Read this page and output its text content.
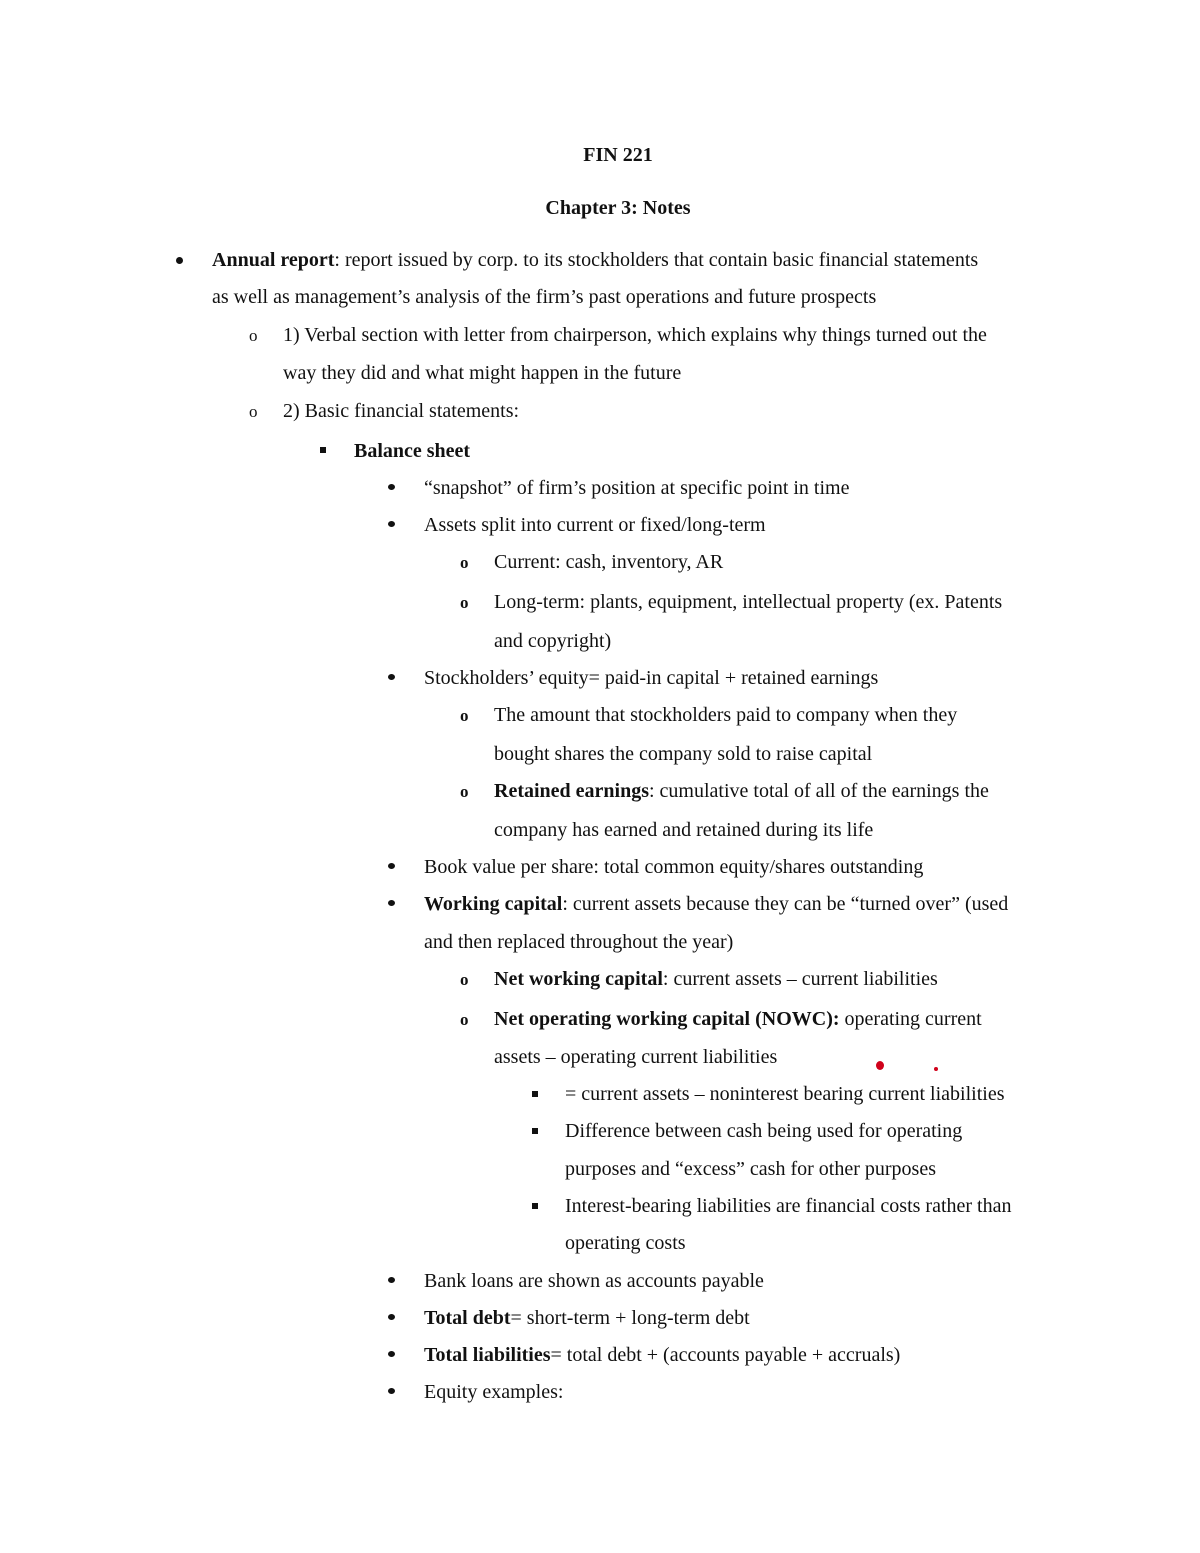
FIN 221
Chapter 3: Notes
Annual report: report issued by corp. to its stockholders that contain basic financial statements
as well as management’s analysis of the firm’s past operations and future prospects
o 1) Verbal section with letter from chairperson, which explains why things turned out the
way they did and what might happen in the future
o 2) Basic financial statements:
Balance sheet
“snapshot” of firm’s position at specific point in time
Assets split into current or fixed/long-term
o Current: cash, inventory, AR
o Long-term: plants, equipment, intellectual property (ex. Patents
and copyright)
Stockholders’ equity= paid-in capital + retained earnings
o The amount that stockholders paid to company when they
bought shares the company sold to raise capital
o Retained earnings: cumulative total of all of the earnings the
company has earned and retained during its life
Book value per share: total common equity/shares outstanding
Working capital: current assets because they can be “turned over” (used
and then replaced throughout the year)
o Net working capital: current assets – current liabilities
o Net operating working capital (NOWC): operating current
assets – operating current liabilities
= current assets – noninterest bearing current liabilities
Difference between cash being used for operating
purposes and “excess” cash for other purposes
Interest-bearing liabilities are financial costs rather than
operating costs
Bank loans are shown as accounts payable
Total debt= short-term + long-term debt
Total liabilities= total debt + (accounts payable + accruals)
Equity examples:
